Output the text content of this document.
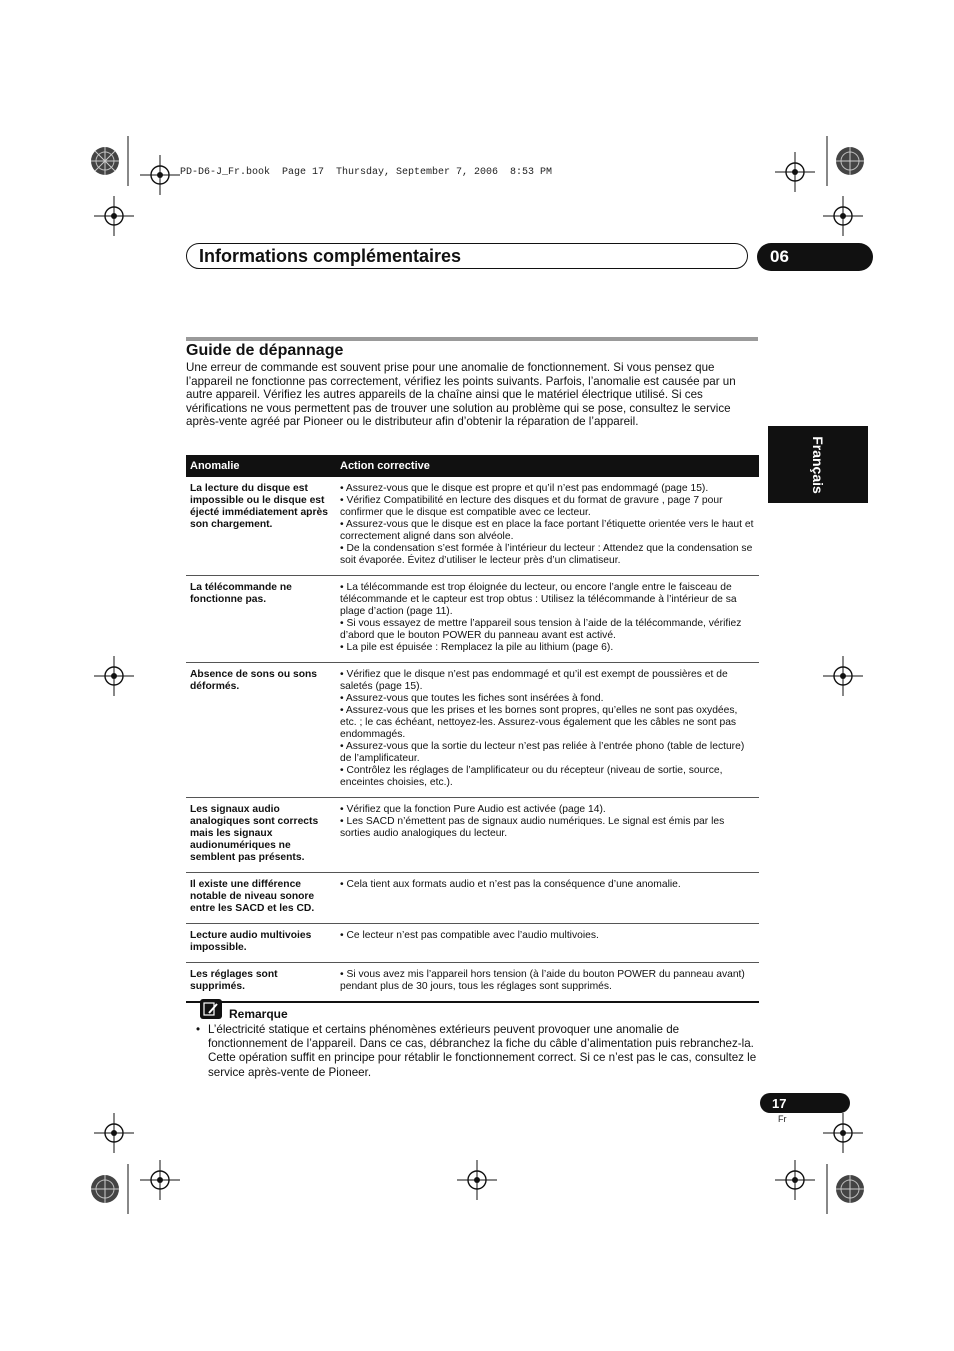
PD-D6-J_Fr.book  Page 17  Thursday, September 7, 2006  8:53 PM
Informations complémentaires	06
Français
Guide de dépannage

Une erreur de commande est souvent prise pour une anomalie de fonctionnement. Si vous pensez que l’appareil ne fonctionne pas correctement, vérifiez les points suivants. Parfois, l’anomalie est causée par un autre appareil. Vérifiez les autres appareils de la chaîne ainsi que le matériel électrique utilisé. Si ces vérifications ne vous permettent pas de trouver une solution au problème qui se pose, consultez le service après-vente agréé par Pioneer ou le distributeur afin d’obtenir la réparation de l’appareil.

Anomalie	Action corrective
La lecture du disque est impossible ou le disque est éjecté immédiatement après son chargement.	• Assurez-vous que le disque est propre et qu’il n’est pas endommagé (page 15).
• Vérifiez Compatibilité en lecture des disques et du format de gravure , page 7 pour confirmer que le disque est compatible avec ce lecteur.
• Assurez-vous que le disque est en place la face portant l’étiquette orientée vers le haut et correctement aligné dans son alvéole.
• De la condensation s’est formée à l’intérieur du lecteur : Attendez que la condensation se soit évaporée. Évitez d’utiliser le lecteur près d’un climatiseur.

La télécommande ne fonctionne pas.	• La télécommande est trop éloignée du lecteur, ou encore l’angle entre le faisceau de télécommande et le capteur est trop obtus : Utilisez la télécommande à l’intérieur de sa plage d’action (page 11).
• Si vous essayez de mettre l’appareil sous tension à l’aide de la télécommande, vérifiez d’abord que le bouton POWER du panneau avant est activé.
• La pile est épuisée : Remplacez la pile au lithium (page 6).

Absence de sons ou sons déformés.	• Vérifiez que le disque n’est pas endommagé et qu’il est exempt de poussières et de saletés (page 15).
• Assurez-vous que toutes les fiches sont insérées à fond.
• Assurez-vous que les prises et les bornes sont propres, qu’elles ne sont pas oxydées, etc. ; le cas échéant, nettoyez-les. Assurez-vous également que les câbles ne sont pas endommagés.
• Assurez-vous que la sortie du lecteur n’est pas reliée à l’entrée phono (table de lecture) de l’amplificateur.
• Contrôlez les réglages de l’amplificateur ou du récepteur (niveau de sortie, source, enceintes choisies, etc.).

Les signaux audio analogiques sont corrects mais les signaux audionumériques ne semblent pas présents.	• Vérifiez que la fonction Pure Audio est activée (page 14).
• Les SACD n’émettent pas de signaux audio numériques. Le signal est émis par les sorties audio analogiques du lecteur.

Il existe une différence notable de niveau sonore entre les SACD et les CD.	• Cela tient aux formats audio et n’est pas la conséquence d’une anomalie.

Lecture audio multivoies impossible.	• Ce lecteur n’est pas compatible avec l’audio multivoies.

Les réglages sont supprimés.	• Si vous avez mis l’appareil hors tension (à l’aide du bouton POWER du panneau avant) pendant plus de 30 jours, tous les réglages sont supprimés.
Remarque
• L’électricité statique et certains phénomènes extérieurs peuvent provoquer une anomalie de fonctionnement de l’appareil. Dans ce cas, débranchez la fiche du câble d’alimentation puis rebranchez-la. Cette opération suffit en principe pour rétablir le fonctionnement correct. Si ce n’est pas le cas, consultez le service après-vente de Pioneer.
17
Fr
